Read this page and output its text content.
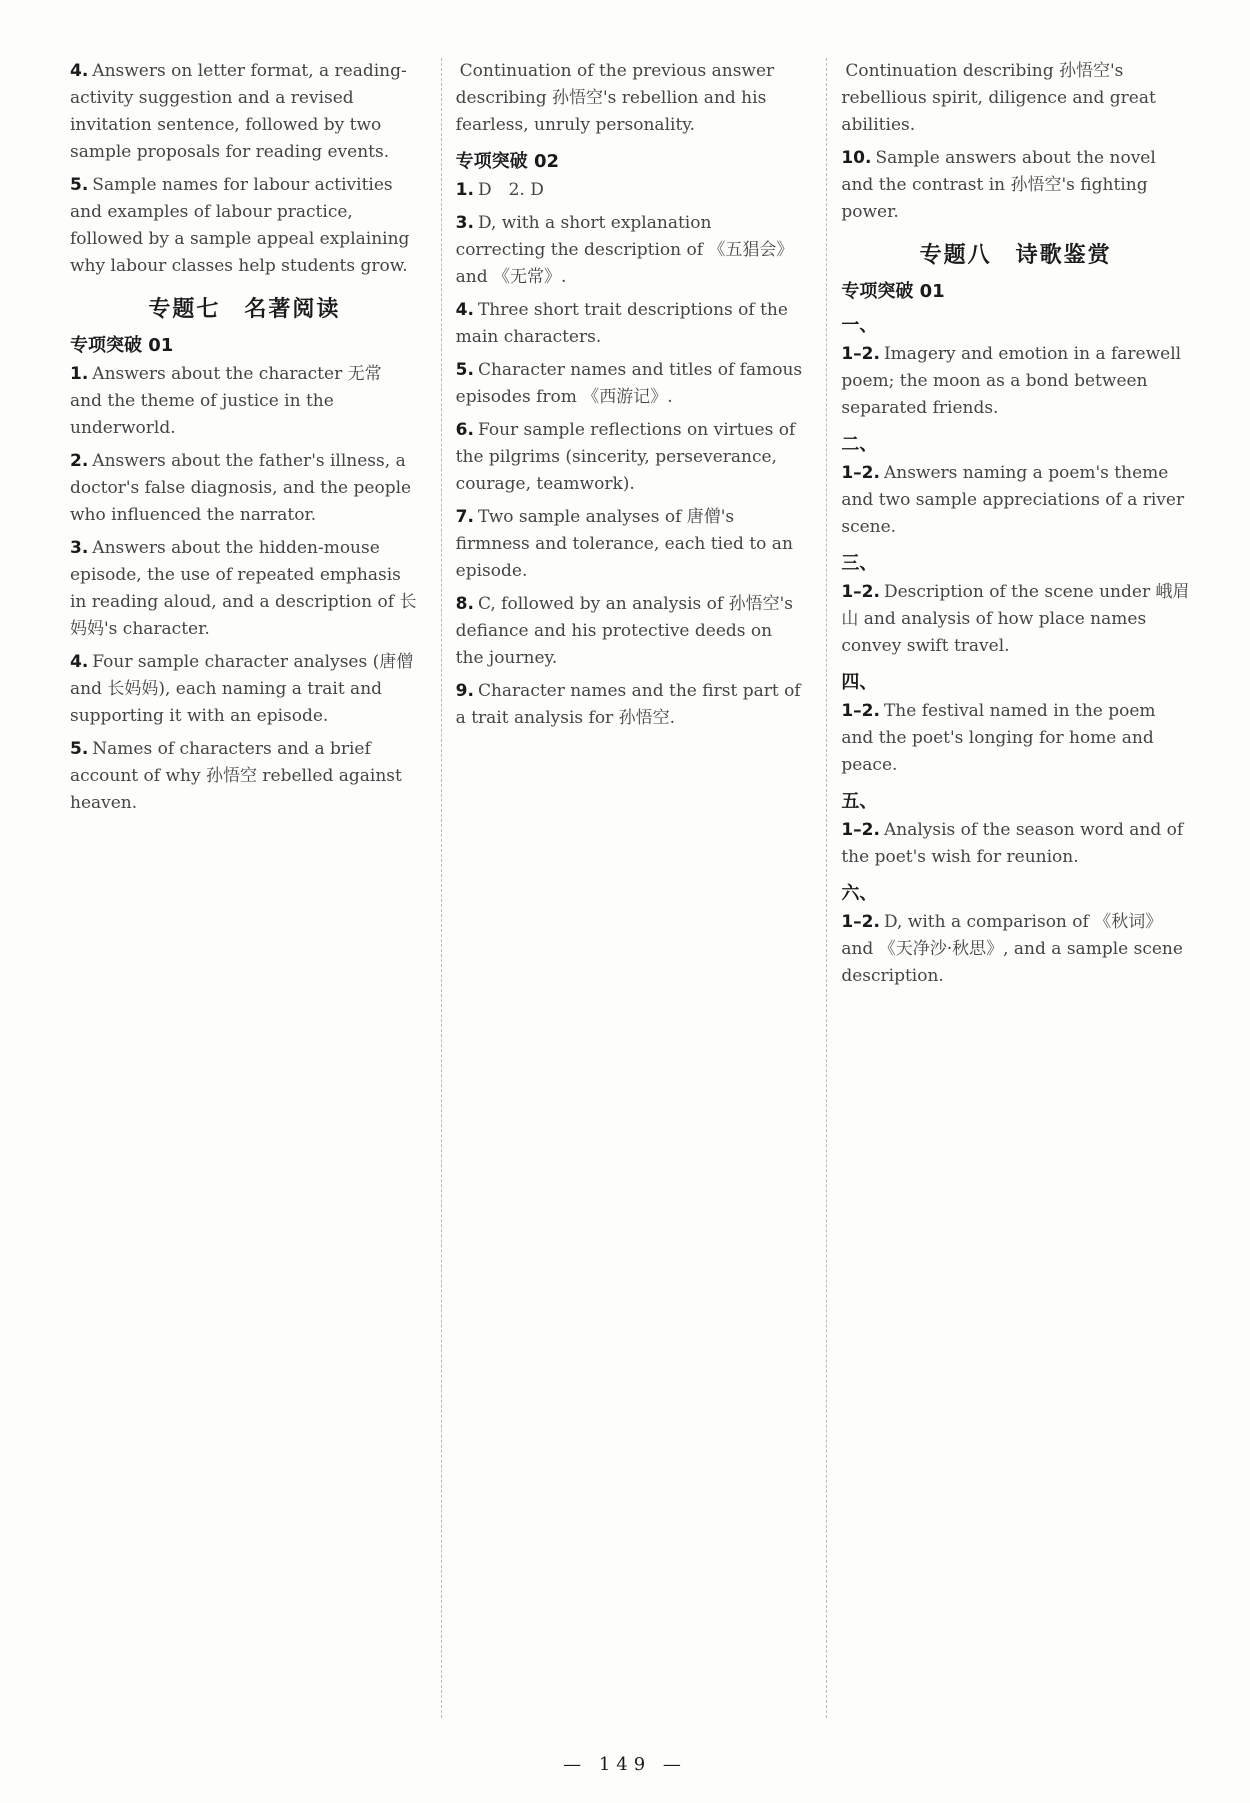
4. Answers on letter format, a reading-activity suggestion and a revised invitation sentence, followed by two sample proposals for reading events.
5. Sample names for labour activities and examples of labour practice, followed by a sample appeal explaining why labour classes help students grow.
专题七　名著阅读
专项突破 01
1. Answers about the character 无常 and the theme of justice in the underworld.
2. Answers about the father's illness, a doctor's false diagnosis, and the people who influenced the narrator.
3. Answers about the hidden-mouse episode, the use of repeated emphasis in reading aloud, and a description of 长妈妈's character.
4. Four sample character analyses (唐僧 and 长妈妈), each naming a trait and supporting it with an episode.
5. Names of characters and a brief account of why 孙悟空 rebelled against heaven.
Continuation of the previous answer describing 孙悟空's rebellion and his fearless, unruly personality.
专项突破 02
1. D　2. D
3. D, with a short explanation correcting the description of 《五猖会》 and 《无常》.
4. Three short trait descriptions of the main characters.
5. Character names and titles of famous episodes from 《西游记》.
6. Four sample reflections on virtues of the pilgrims (sincerity, perseverance, courage, teamwork).
7. Two sample analyses of 唐僧's firmness and tolerance, each tied to an episode.
8. C, followed by an analysis of 孙悟空's defiance and his protective deeds on the journey.
9. Character names and the first part of a trait analysis for 孙悟空.
Continuation describing 孙悟空's rebellious spirit, diligence and great abilities.
10. Sample answers about the novel and the contrast in 孙悟空's fighting power.
专题八　诗歌鉴赏
专项突破 01
一、
1–2. Imagery and emotion in a farewell poem; the moon as a bond between separated friends.
二、
1–2. Answers naming a poem's theme and two sample appreciations of a river scene.
三、
1–2. Description of the scene under 峨眉山 and analysis of how place names convey swift travel.
四、
1–2. The festival named in the poem and the poet's longing for home and peace.
五、
1–2. Analysis of the season word and of the poet's wish for reunion.
六、
1–2. D, with a comparison of 《秋词》 and 《天净沙·秋思》, and a sample scene description.
— 149 —
